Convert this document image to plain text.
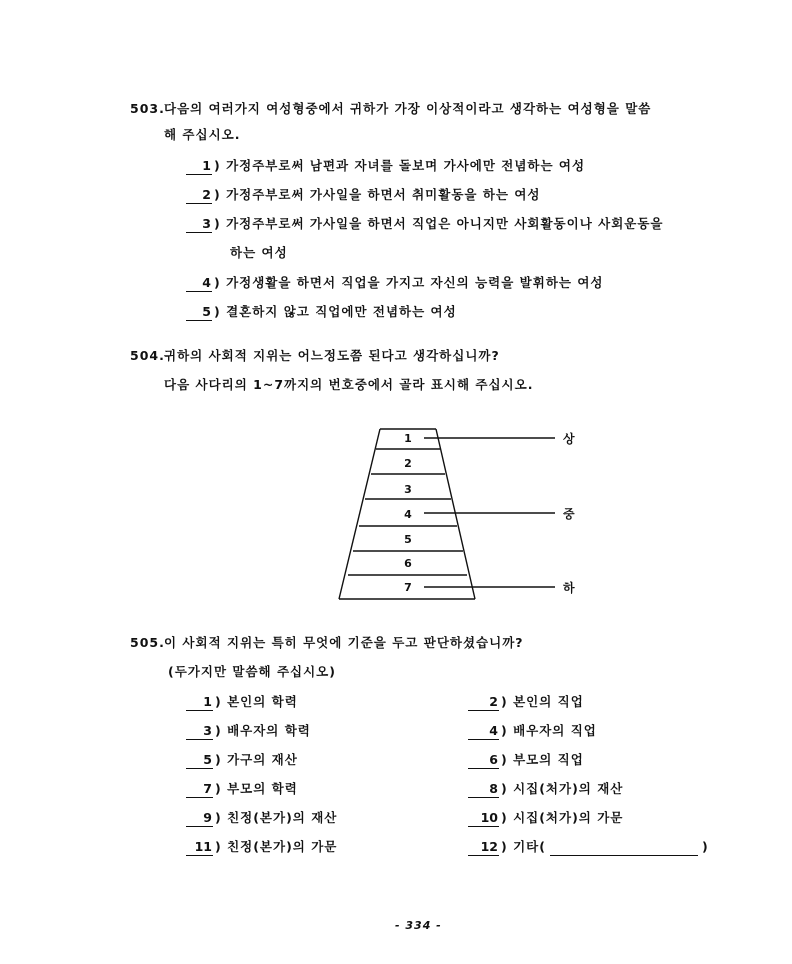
503. 다음의 여러가지 여성형중에서 귀하가 가장 이상적이라고 생각하는 여성형을 말씀
해 주십시오.
1 ) 가정주부로써 남편과 자녀를 돌보며 가사에만 전념하는 여성
2 ) 가정주부로써 가사일을 하면서 취미활동을 하는 여성
3 ) 가정주부로써 가사일을 하면서 직업은 아니지만 사회활동이나 사회운동을
하는 여성
4 ) 가정생활을 하면서 직업을 가지고 자신의 능력을 발휘하는 여성
5 ) 결혼하지 않고 직업에만 전념하는 여성
504. 귀하의 사회적 지위는 어느정도쯤 된다고 생각하십니까?
다음 사다리의 1~7까지의 번호중에서 골라 표시해 주십시오.
1
2
3
4
5
6
7
상
중
하
505. 이 사회적 지위는 특히 무엇에 기준을 두고 판단하셨습니까?
(두가지만 말씀해 주십시오)
1 ) 본인의 학력
3 ) 배우자의 학력
5 ) 가구의 재산
7 ) 부모의 학력
9 ) 친정(본가)의 재산
11 ) 친정(본가)의 가문
2 ) 본인의 직업
4 ) 배우자의 직업
6 ) 부모의 직업
8 ) 시집(처가)의 재산
10 ) 시집(처가)의 가문
12 ) 기타(	)
- 334 -
